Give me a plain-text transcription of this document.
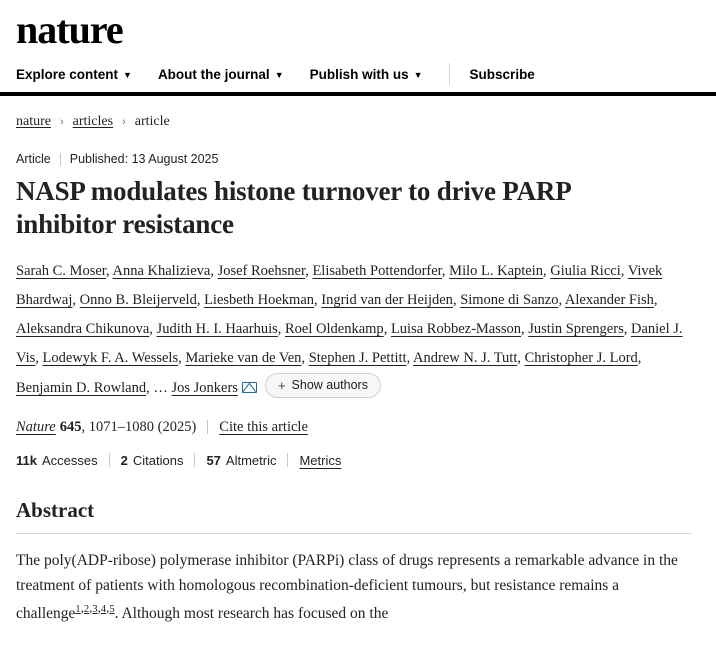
nature
Explore content ▼ About the journal ▼ Publish with us ▼	Subscribe
nature › articles › article
Article Published: 13 August 2025
NASP modulates histone turnover to drive PARP inhibitor resistance
Sarah C. Moser, Anna Khalizieva, Josef Roehsner, Elisabeth Pottendorfer, Milo L. Kaptein, Giulia Ricci, Vivek Bhardwaj, Onno B. Bleijerveld, Liesbeth Hoekman, Ingrid van der Heijden, Simone di Sanzo, Alexander Fish, Aleksandra Chikunova, Judith H. I. Haarhuis, Roel Oldenkamp, Luisa Robbez-Masson, Justin Sprengers, Daniel J. Vis, Lodewyk F. A. Wessels, Marieke van de Ven, Stephen J. Pettitt, Andrew N. J. Tutt, Christopher J. Lord, Benjamin D. Rowland, … Jos Jonkers	+ Show authors
Nature 645 , 1071–1080 (2025) Cite this article
11k Accesses 2 Citations 57 Altmetric Metrics
Abstract
The poly(ADP-ribose) polymerase inhibitor (PARPi) class of drugs represents a remarkable advance in the treatment of patients with homologous recombination-deficient tumours, but resistance remains a challenge$^{1,2,3,4,5}$. Although most research has focused on the
